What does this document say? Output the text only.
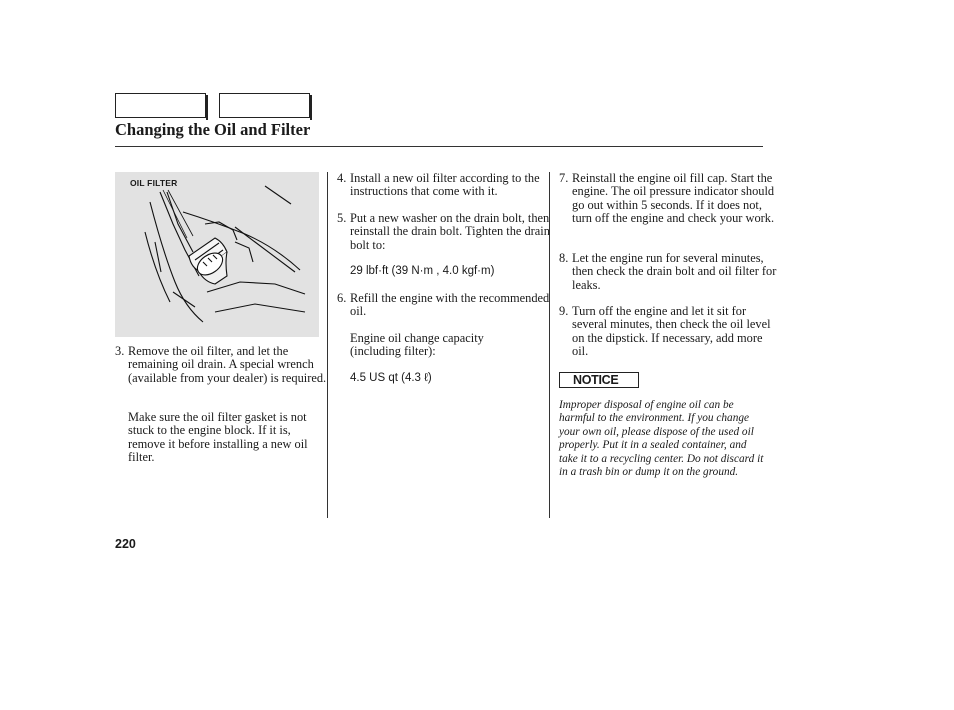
Changing the Oil and Filter
OIL FILTER
3. Remove the oil filter, and let the remaining oil drain. A special wrench (available from your dealer) is required.
Make sure the oil filter gasket is not stuck to the engine block. If it is, remove it before installing a new oil filter.
4. Install a new oil filter according to the instructions that come with it.
5. Put a new washer on the drain bolt, then reinstall the drain bolt. Tighten the drain bolt to:
29 lbf·ft (39 N·m , 4.0 kgf·m)
6. Refill the engine with the recommended oil.
Engine oil change capacity (including filter):
4.5 US qt (4.3 ℓ)
7. Reinstall the engine oil fill cap. Start the engine. The oil pressure indicator should go out within 5 seconds. If it does not, turn off the engine and check your work.
8. Let the engine run for several minutes, then check the drain bolt and oil filter for leaks.
9. Turn off the engine and let it sit for several minutes, then check the oil level on the dipstick. If necessary, add more oil.
NOTICE

Improper disposal of engine oil can be harmful to the environment. If you change your own oil, please dispose of the used oil properly. Put it in a sealed container, and take it to a recycling center. Do not discard it in a trash bin or dump it on the ground.

220
